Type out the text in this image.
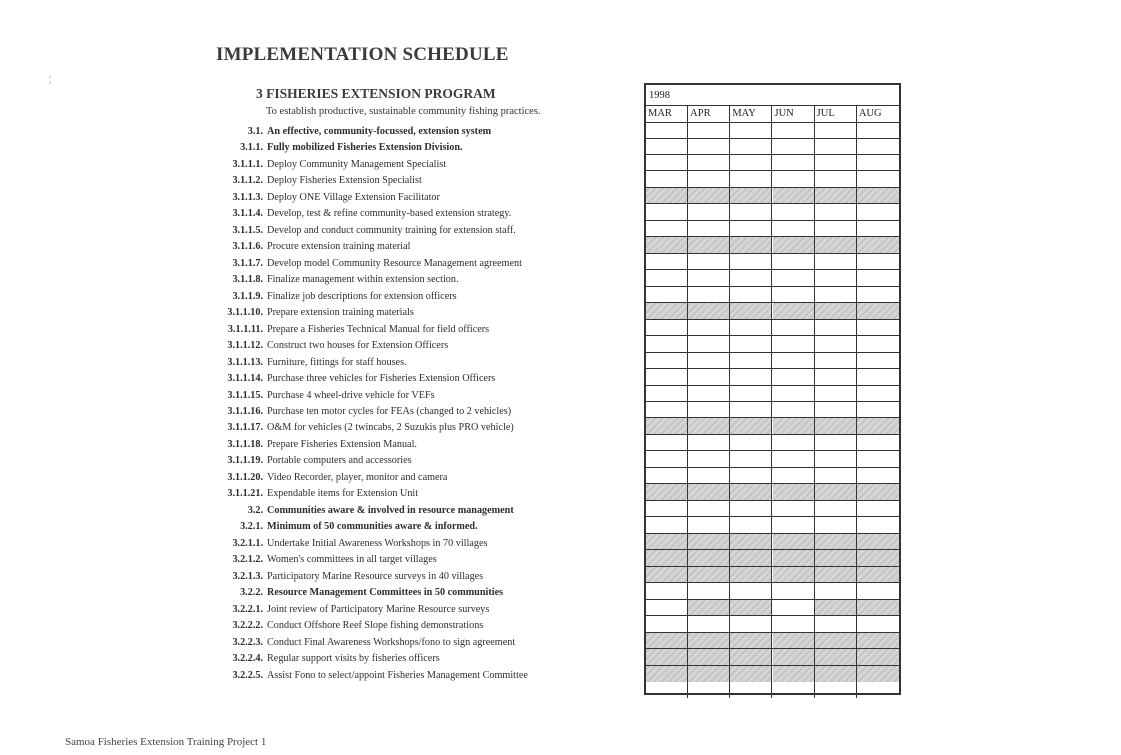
IMPLEMENTATION SCHEDULE
∶
3 FISHERIES EXTENSION PROGRAM
To establish productive, sustainable community fishing practices.
3.1. An effective, community-focussed, extension system
3.1.1. Fully mobilized Fisheries Extension Division.
3.1.1.1. Deploy Community Management Specialist
3.1.1.2. Deploy Fisheries Extension Specialist
3.1.1.3. Deploy ONE Village Extension Facilitator
3.1.1.4. Develop, test & refine community-based extension strategy.
3.1.1.5. Develop and conduct community training for extension staff.
3.1.1.6. Procure extension training material
3.1.1.7. Develop model Community Resource Management agreement
3.1.1.8. Finalize management within extension section.
3.1.1.9. Finalize job descriptions for extension officers
3.1.1.10. Prepare extension training materials
3.1.1.11. Prepare a Fisheries Technical Manual for field officers
3.1.1.12. Construct two houses for Extension Officers
3.1.1.13. Furniture, fittings for staff houses.
3.1.1.14. Purchase three vehicles for Fisheries Extension Officers
3.1.1.15. Purchase 4 wheel-drive vehicle for VEFs
3.1.1.16. Purchase ten motor cycles for FEAs (changed to 2 vehicles)
3.1.1.17. O&M for vehicles (2 twincabs, 2 Suzukis plus PRO vehicle)
3.1.1.18. Prepare Fisheries Extension Manual.
3.1.1.19. Portable computers and accessories
3.1.1.20. Video Recorder, player, monitor and camera
3.1.1.21. Expendable items for Extension Unit
3.2. Communities aware & involved in resource management
3.2.1. Minimum of 50 communities aware & informed.
3.2.1.1. Undertake Initial Awareness Workshops in 70 villages
3.2.1.2. Women's committees in all target villages
3.2.1.3. Participatory Marine Resource surveys in 40 villages
3.2.2. Resource Management Committees in 50 communities
3.2.2.1. Joint review of Participatory Marine Resource surveys
3.2.2.2. Conduct Offshore Reef Slope fishing demonstrations
3.2.2.3. Conduct Final Awareness Workshops/fono to sign agreement
3.2.2.4. Regular support visits by fisheries officers
3.2.2.5. Assist Fono to select/appoint Fisheries Management Committee
1998
MAR	APR	MAY	JUN	JUL	AUG
Samoa Fisheries Extension Training Project 1
